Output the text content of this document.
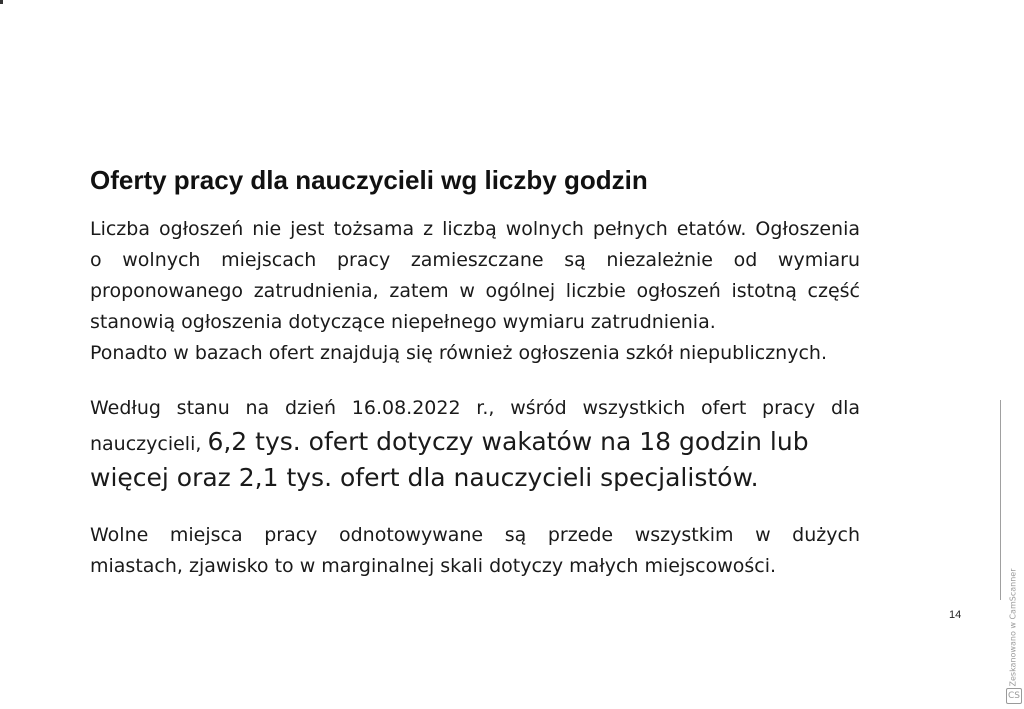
Oferty pracy dla nauczycieli wg liczby godzin

Liczba ogłoszeń nie jest tożsama z liczbą wolnych pełnych etatów. Ogłoszenia
o wolnych miejscach pracy zamieszczane są niezależnie od wymiaru
proponowanego zatrudnienia, zatem w ogólnej liczbie ogłoszeń istotną część
stanowią ogłoszenia dotyczące niepełnego wymiaru zatrudnienia.
Ponadto w bazach ofert znajdują się również ogłoszenia szkół niepublicznych.

Według stanu na dzień 16.08.2022 r., wśród wszystkich ofert pracy dla
nauczycieli, 6,2 tys. ofert dotyczy wakatów na 18 godzin lub
więcej oraz 2,1 tys. ofert dla nauczycieli specjalistów.

Wolne miejsca pracy odnotowywane są przede wszystkim w dużych
miastach, zjawisko to w marginalnej skali dotyczy małych miejscowości.

14	Zeskanowano w CamScanner
CS
